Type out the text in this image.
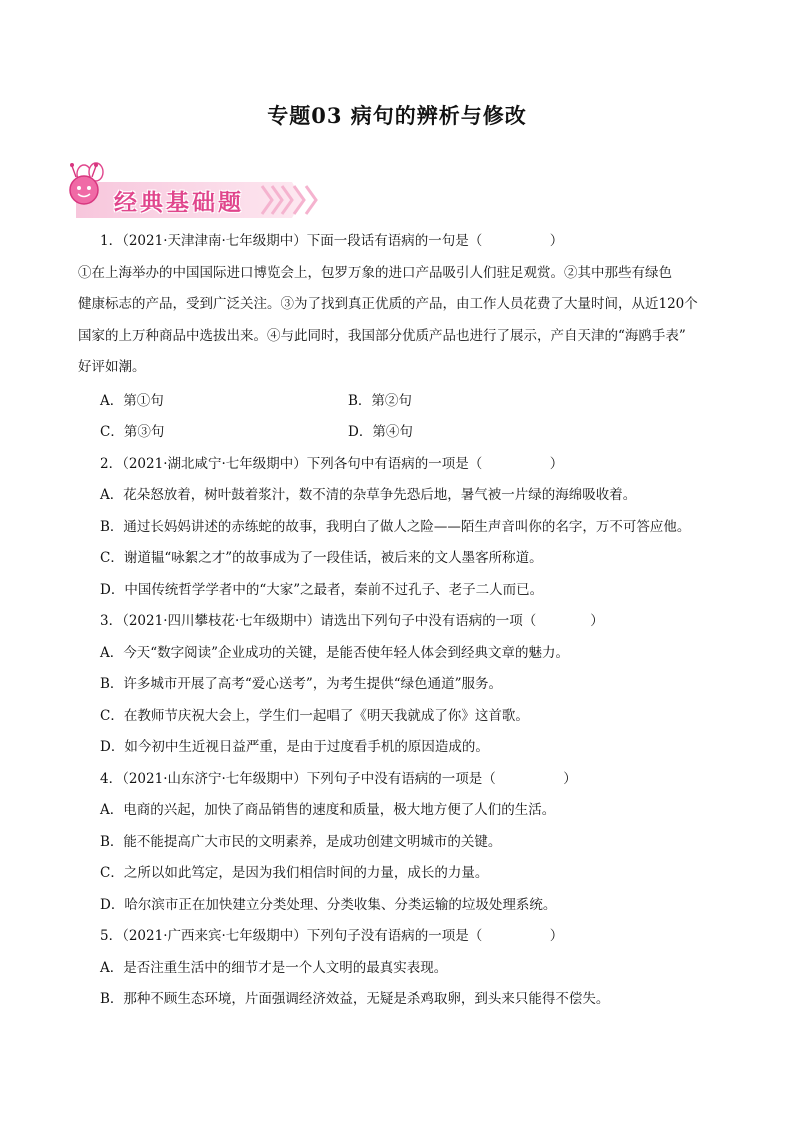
专题03 病句的辨析与修改
经典基础题

1．（2021·天津津南·七年级期中）下面一段话有语病的一句是（　　　　　）

①在上海举办的中国国际进口博览会上，包罗万象的进口产品吸引人们驻足观赏。②其中那些有绿色

健康标志的产品，受到广泛关注。③为了找到真正优质的产品，由工作人员花费了大量时间，从近120个

国家的上万种商品中选拔出来。④与此同时，我国部分优质产品也进行了展示，产自天津的“海鸥手表”

好评如潮。

A．第①句	B．第②句

C．第③句	D．第④句

2．（2021·湖北咸宁·七年级期中）下列各句中有语病的一项是（　　　　　）

A．花朵怒放着，树叶鼓着浆汁，数不清的杂草争先恐后地，暑气被一片绿的海绵吸收着。

B．通过长妈妈讲述的赤练蛇的故事，我明白了做人之险——陌生声音叫你的名字，万不可答应他。

C．谢道韫“咏絮之才”的故事成为了一段佳话，被后来的文人墨客所称道。

D．中国传统哲学学者中的“大家”之最者，秦前不过孔子、老子二人而已。

3．（2021·四川攀枝花·七年级期中）请选出下列句子中没有语病的一项（　　　　）

A．今天“数字阅读”企业成功的关键，是能否使年轻人体会到经典文章的魅力。

B．许多城市开展了高考“爱心送考”，为考生提供“绿色通道”服务。

C．在教师节庆祝大会上，学生们一起唱了《明天我就成了你》这首歌。

D．如今初中生近视日益严重，是由于过度看手机的原因造成的。

4．（2021·山东济宁·七年级期中）下列句子中没有语病的一项是（　　　　　）

A．电商的兴起，加快了商品销售的速度和质量，极大地方便了人们的生活。

B．能不能提高广大市民的文明素养，是成功创建文明城市的关键。

C．之所以如此笃定，是因为我们相信时间的力量，成长的力量。

D．哈尔滨市正在加快建立分类处理、分类收集、分类运输的垃圾处理系统。

5．（2021·广西来宾·七年级期中）下列句子没有语病的一项是（　　　　　）

A．是否注重生活中的细节才是一个人文明的最真实表现。

B．那种不顾生态环境，片面强调经济效益，无疑是杀鸡取卵，到头来只能得不偿失。
